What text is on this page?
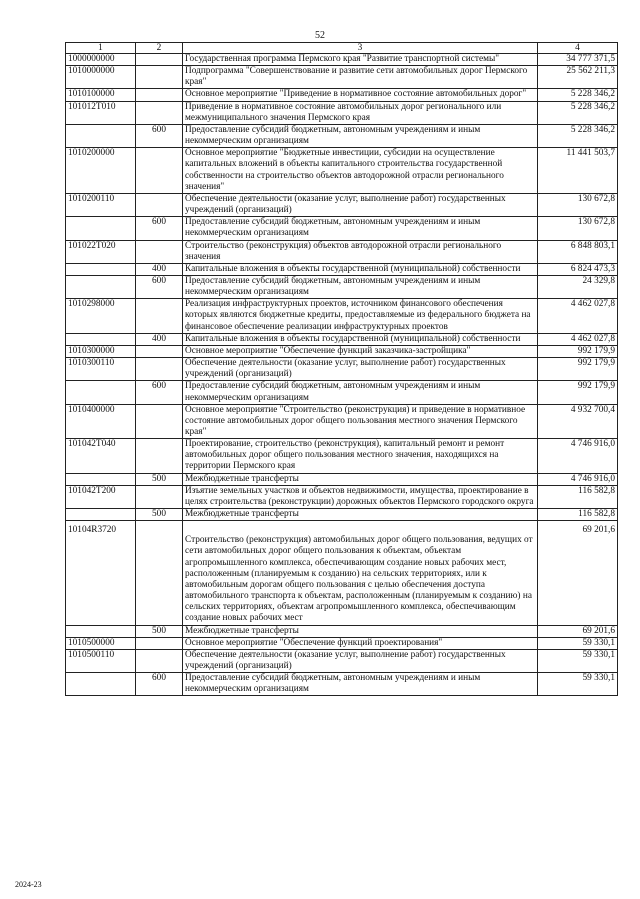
52
1	2	3	4
1000000000		Государственная программа Пермского края "Развитие транспортной системы"	34 777 371,5
1010000000		Подпрограмма "Совершенствование и развитие сети автомобильных дорог Пермского края"	25 562 211,3
1010100000		Основное мероприятие "Приведение в нормативное состояние автомобильных дорог"	5 228 346,2
101012T010		Приведение в нормативное состояние автомобильных дорог регионального или межмуниципального значения Пермского края	5 228 346,2
	600	Предоставление субсидий бюджетным, автономным учреждениям и иным некоммерческим организациям	5 228 346,2
1010200000		Основное мероприятие "Бюджетные инвестиции, субсидии на осуществление капитальных вложений в объекты капитального строительства государственной собственности на строительство объектов автодорожной отрасли регионального значения"	11 441 503,7
1010200110		Обеспечение деятельности (оказание услуг, выполнение работ) государственных учреждений (организаций)	130 672,8
	600	Предоставление субсидий бюджетным, автономным учреждениям и иным некоммерческим организациям	130 672,8
101022T020		Строительство (реконструкция) объектов автодорожной отрасли регионального значения	6 848 803,1
	400	Капитальные вложения в объекты государственной (муниципальной) собственности	6 824 473,3
	600	Предоставление субсидий бюджетным, автономным учреждениям и иным некоммерческим организациям	24 329,8
1010298000		Реализация инфраструктурных проектов, источником финансового обеспечения которых являются бюджетные кредиты, предоставляемые из федерального бюджета на финансовое обеспечение реализации инфраструктурных проектов	4 462 027,8
	400	Капитальные вложения в объекты государственной (муниципальной) собственности	4 462 027,8
1010300000		Основное мероприятие "Обеспечение функций заказчика-застройщика"	992 179,9
1010300110		Обеспечение деятельности (оказание услуг, выполнение работ) государственных учреждений (организаций)	992 179,9
	600	Предоставление субсидий бюджетным, автономным учреждениям и иным некоммерческим организациям	992 179,9
1010400000		Основное мероприятие "Строительство (реконструкция) и приведение в нормативное состояние автомобильных дорог общего пользования местного значения Пермского края"	4 932 700,4
101042T040		Проектирование, строительство (реконструкция), капитальный ремонт и ремонт автомобильных дорог общего пользования местного значения, находящихся на территории Пермского края	4 746 916,0
	500	Межбюджетные трансферты	4 746 916,0
101042T200		Изъятие земельных участков и объектов недвижимости, имущества, проектирование в целях строительства (реконструкции) дорожных объектов Пермского городского округа	116 582,8
	500	Межбюджетные трансферты	116 582,8
10104R3720		Строительство (реконструкция) автомобильных дорог общего пользования, ведущих от сети автомобильных дорог общего пользования к объектам, объектам агропромышленного комплекса, обеспечивающим создание новых рабочих мест, расположенным (планируемым к созданию) на сельских территориях, или к автомобильным дорогам общего пользования с целью обеспечения доступа автомобильного транспорта к объектам, расположенным (планируемым к созданию) на сельских территориях, объектам агропромышленного комплекса, обеспечивающим создание новых рабочих мест	69 201,6
	500	Межбюджетные трансферты	69 201,6
1010500000		Основное мероприятие "Обеспечение функций проектирования"	59 330,1
1010500110		Обеспечение деятельности (оказание услуг, выполнение работ) государственных учреждений (организаций)	59 330,1
	600	Предоставление субсидий бюджетным, автономным учреждениям и иным некоммерческим организациям	59 330,1
2024-23
